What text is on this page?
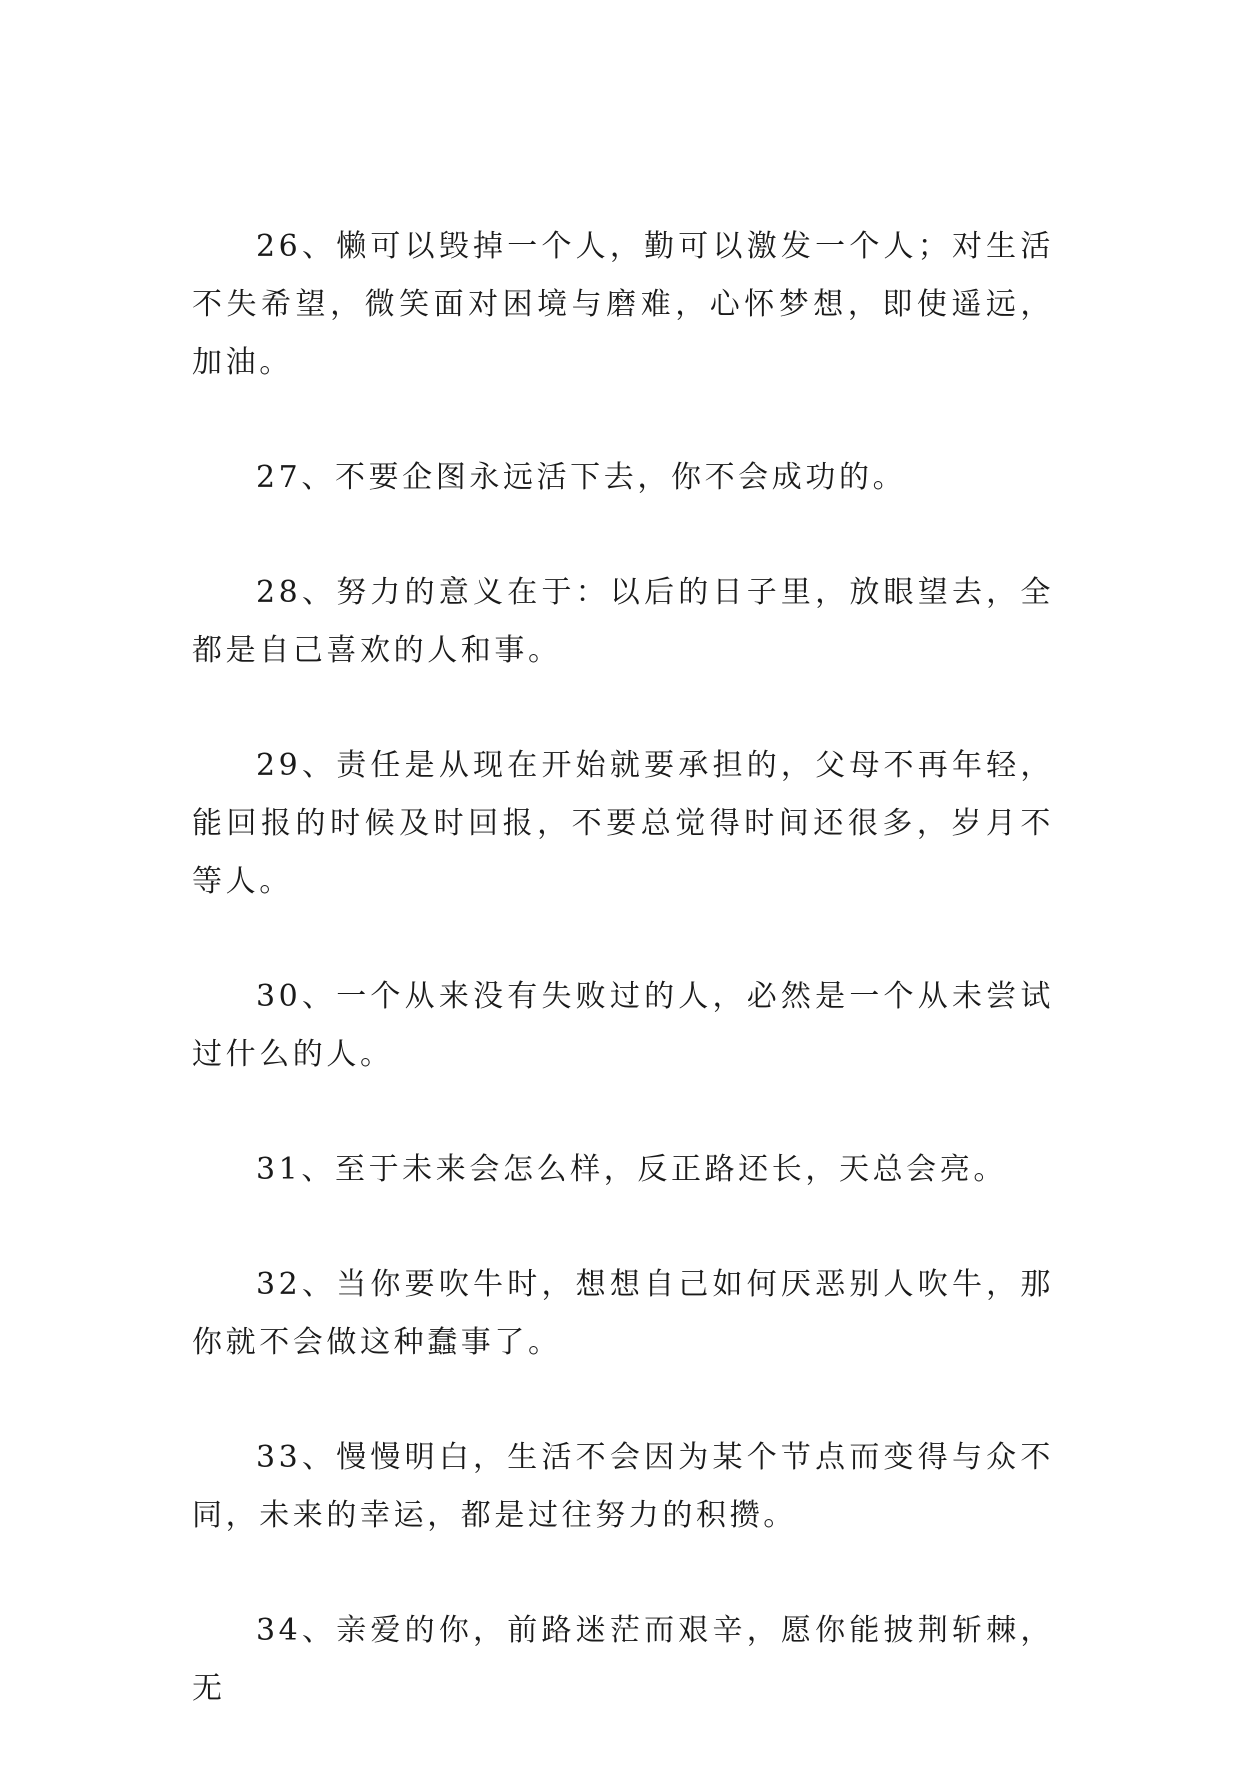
26、懒可以毁掉一个人，勤可以激发一个人；对生活不失希望，微笑面对困境与磨难，心怀梦想，即使遥远，加油。

27、不要企图永远活下去，你不会成功的。

28、努力的意义在于：以后的日子里，放眼望去，全都是自己喜欢的人和事。

29、责任是从现在开始就要承担的，父母不再年轻，能回报的时候及时回报，不要总觉得时间还很多，岁月不等人。

30、一个从来没有失败过的人，必然是一个从未尝试过什么的人。

31、至于未来会怎么样，反正路还长，天总会亮。

32、当你要吹牛时，想想自己如何厌恶别人吹牛，那你就不会做这种蠢事了。

33、慢慢明白，生活不会因为某个节点而变得与众不同，未来的幸运，都是过往努力的积攒。

34、亲爱的你，前路迷茫而艰辛，愿你能披荆斩棘，无
